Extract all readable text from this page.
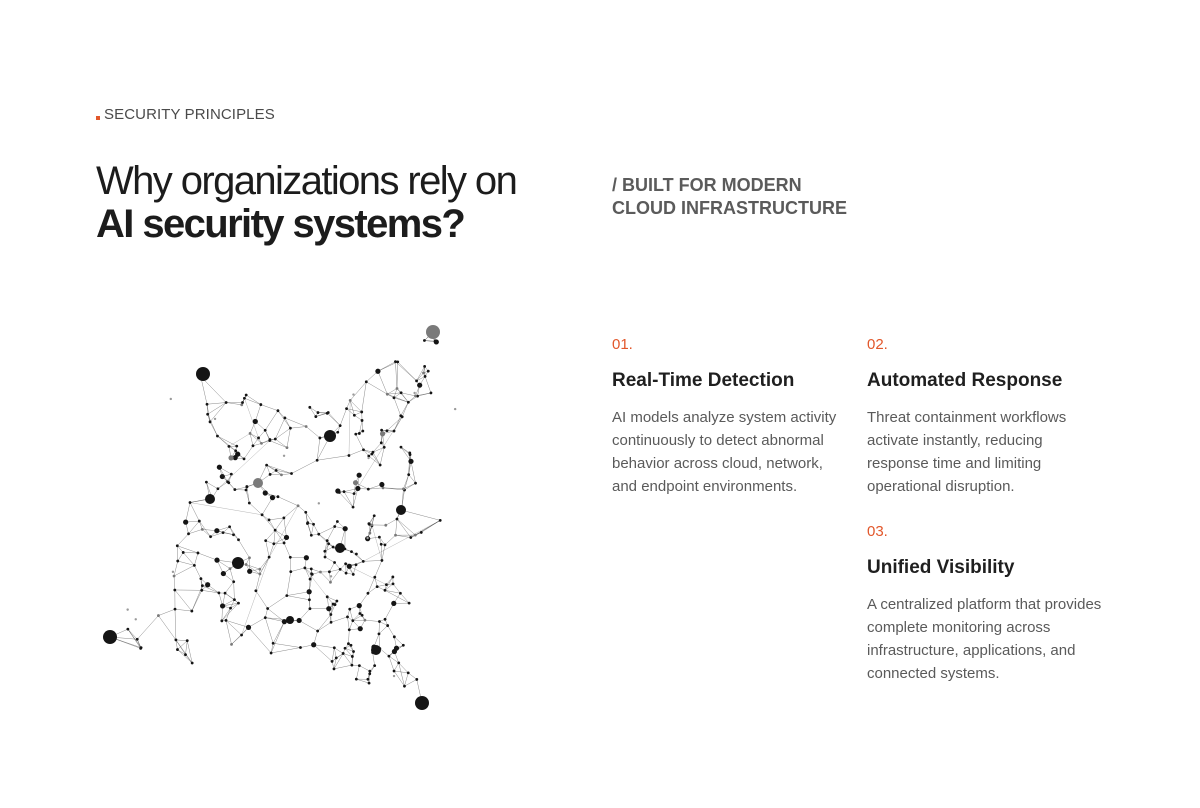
SECURITY PRINCIPLES
Why organizations rely on
AI security systems?
/ BUILT FOR MODERN
CLOUD INFRASTRUCTURE
01.
Real-Time Detection
AI models analyze system activity continuously to detect abnormal behavior across cloud, network, and endpoint environments.
02.
Automated Response
Threat containment workflows activate instantly, reducing response time and limiting operational disruption.
03.
Unified Visibility
A centralized platform that provides complete monitoring across infrastructure, applications, and connected systems.
